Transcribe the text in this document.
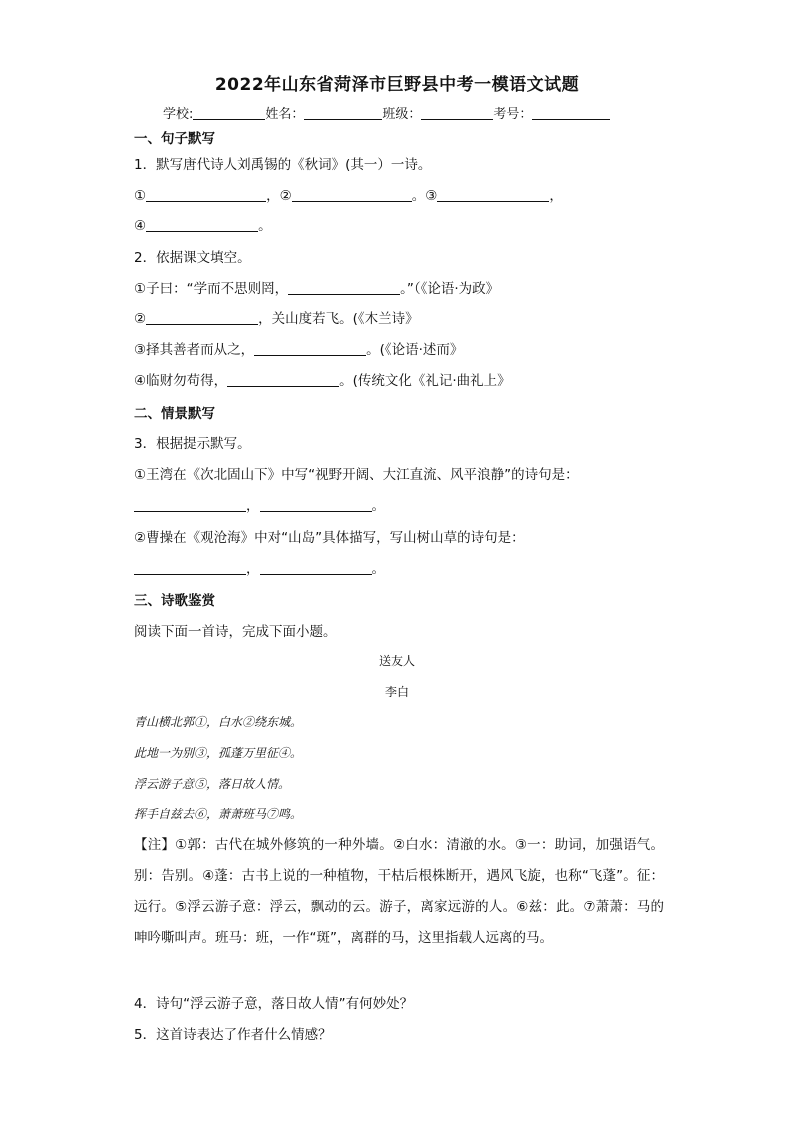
2022年山东省菏泽市巨野县中考一模语文试题
学校:	姓名：	班级：	考号：
一、句子默写
1．默写唐代诗人刘禹锡的《秋词》(其一）一诗。
①	，②	。③	，
④	。
2．依据课文填空。
①子曰：“学而不思则罔，	。”（《论语·为政》
②	，关山度若飞。(《木兰诗》
③择其善者而从之，	。(《论语·述而》
④临财勿苟得，	。(传统文化《礼记·曲礼上》
二、情景默写
3．根据提示默写。
①王湾在《次北固山下》中写“视野开阔、大江直流、风平浪静”的诗句是：
，	。
②曹操在《观沧海》中对“山岛”具体描写，写山树山草的诗句是：
，	。
三、诗歌鉴赏
阅读下面一首诗，完成下面小题。
送友人
李白
青山横北郭①，白水②绕东城。
此地一为别③，孤蓬万里征④。
浮云游子意⑤，落日故人情。
挥手自兹去⑥，萧萧班马⑦鸣。
【注】①郭：古代在城外修筑的一种外墙。②白水：清澈的水。③一：助词，加强语气。别：告别。④蓬：古书上说的一种植物，干枯后根株断开，遇风飞旋，也称“飞蓬”。征：远行。⑤浮云游子意：浮云，飘动的云。游子，离家远游的人。⑥兹：此。⑦萧萧：马的呻吟嘶叫声。班马：班，一作“斑”，离群的马，这里指载人远离的马。
4．诗句“浮云游子意，落日故人情”有何妙处？
5．这首诗表达了作者什么情感？
